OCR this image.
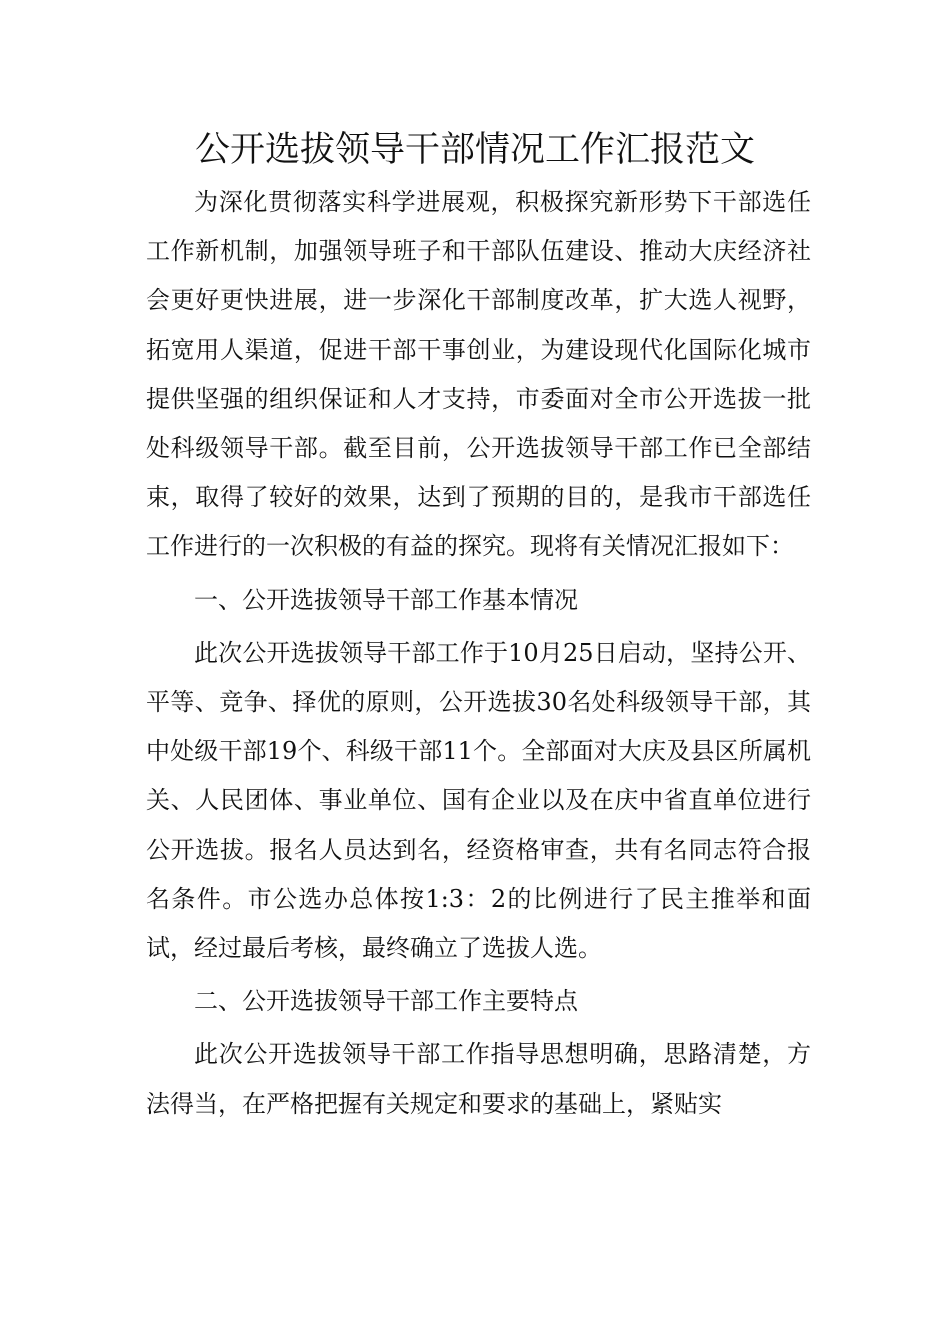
公开选拔领导干部情况工作汇报范文

为深化贯彻落实科学进展观，积极探究新形势下干部选任工作新机制，加强领导班子和干部队伍建设、推动大庆经济社会更好更快进展，进一步深化干部制度改革，扩大选人视野，拓宽用人渠道，促进干部干事创业，为建设现代化国际化城市提供坚强的组织保证和人才支持，市委面对全市公开选拔一批处科级领导干部。截至目前，公开选拔领导干部工作已全部结束，取得了较好的效果，达到了预期的目的，是我市干部选任工作进行的一次积极的有益的探究。现将有关情况汇报如下：

一、公开选拔领导干部工作基本情况

此次公开选拔领导干部工作于10月25日启动，坚持公开、平等、竞争、择优的原则，公开选拔30名处科级领导干部，其中处级干部19个、科级干部11个。全部面对大庆及县区所属机关、人民团体、事业单位、国有企业以及在庆中省直单位进行公开选拔。报名人员达到名，经资格审查，共有名同志符合报名条件。市公选办总体按1:3：2的比例进行了民主推举和面试，经过最后考核，最终确立了选拔人选。

二、公开选拔领导干部工作主要特点

此次公开选拔领导干部工作指导思想明确，思路清楚，方法得当，在严格把握有关规定和要求的基础上，紧贴实
